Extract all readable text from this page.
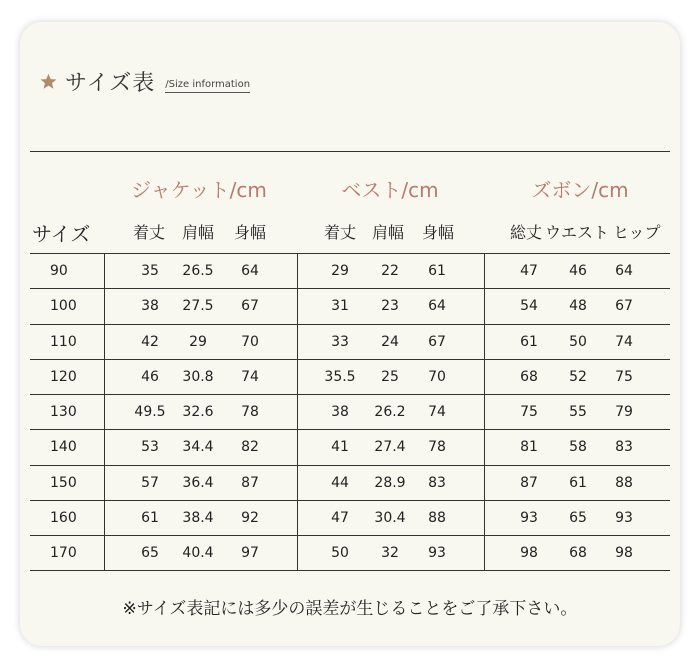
サイズ表 /Size information
ジャケット/cm	ベスト/cm	ズボン/cm
サイズ	着丈 肩幅 身幅	着丈 肩幅 身幅	総丈 ウエスト ヒップ
90	35	26.5	64	29	22	61	47	46	64
100	38	27.5	67	31	23	64	54	48	67
110	42	29	70	33	24	67	61	50	74
120	46	30.8	74	35.5	25	70	68	52	75
130	49.5	32.6	78	38	26.2	74	75	55	79
140	53	34.4	82	41	27.4	78	81	58	83
150	57	36.4	87	44	28.9	83	87	61	88
160	61	38.4	92	47	30.4	88	93	65	93
170	65	40.4	97	50	32	93	98	68	98
※サイズ表記には多少の誤差が生じることをご了承下さい。
